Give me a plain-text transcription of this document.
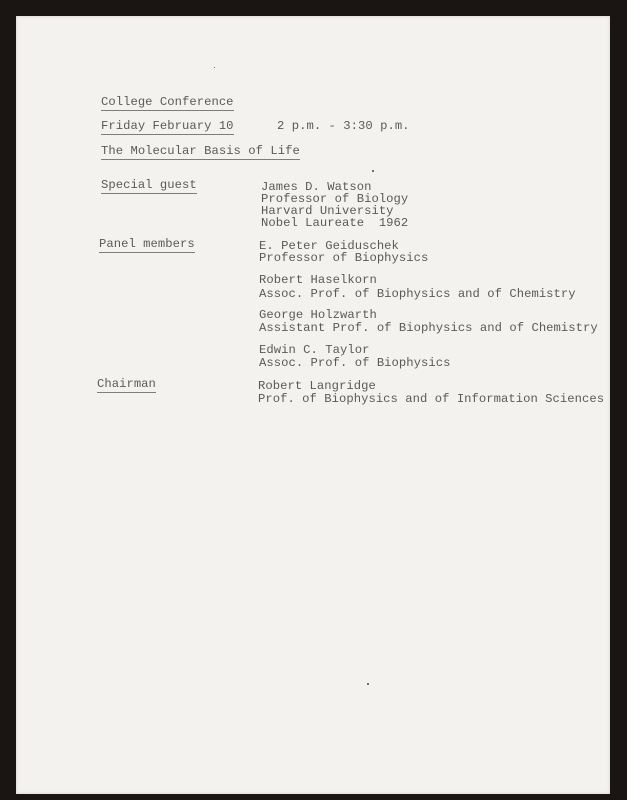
College Conference
Friday February 10	2 p.m. - 3:30 p.m.
The Molecular Basis of Life
Special guest	James D. Watson
Professor of Biology
Harvard University
Nobel Laureate  1962
Panel members	E. Peter Geiduschek
Professor of Biophysics
Robert Haselkorn
Assoc. Prof. of Biophysics and of Chemistry
George Holzwarth
Assistant Prof. of Biophysics and of Chemistry
Edwin C. Taylor
Assoc. Prof. of Biophysics
Chairman	Robert Langridge
Prof. of Biophysics and of Information Sciences
